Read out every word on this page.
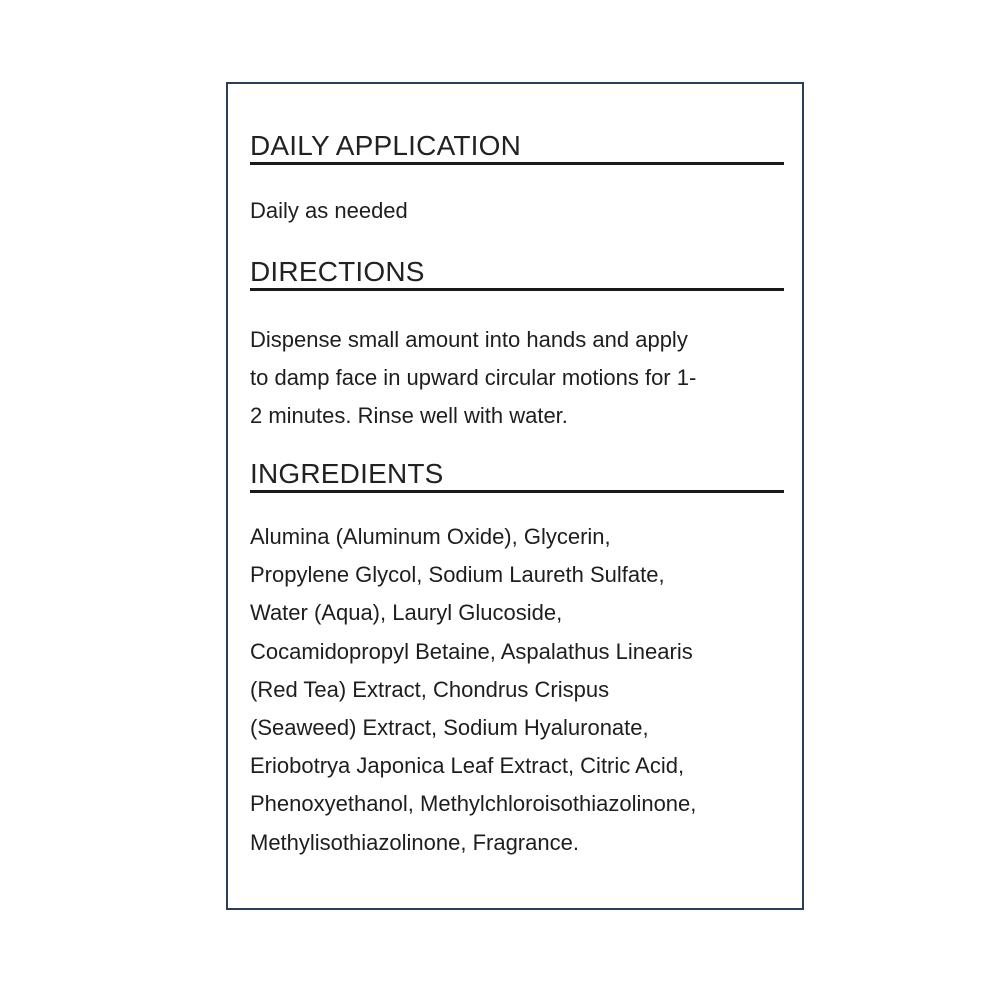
DAILY APPLICATION

Daily as needed

DIRECTIONS

Dispense small amount into hands and apply
to damp face in upward circular motions for 1-
2 minutes. Rinse well with water.

INGREDIENTS

Alumina (Aluminum Oxide), Glycerin,
Propylene Glycol, Sodium Laureth Sulfate,
Water (Aqua), Lauryl Glucoside,
Cocamidopropyl Betaine, Aspalathus Linearis
(Red Tea) Extract, Chondrus Crispus
(Seaweed) Extract, Sodium Hyaluronate,
Eriobotrya Japonica Leaf Extract, Citric Acid,
Phenoxyethanol, Methylchloroisothiazolinone,
Methylisothiazolinone, Fragrance.
